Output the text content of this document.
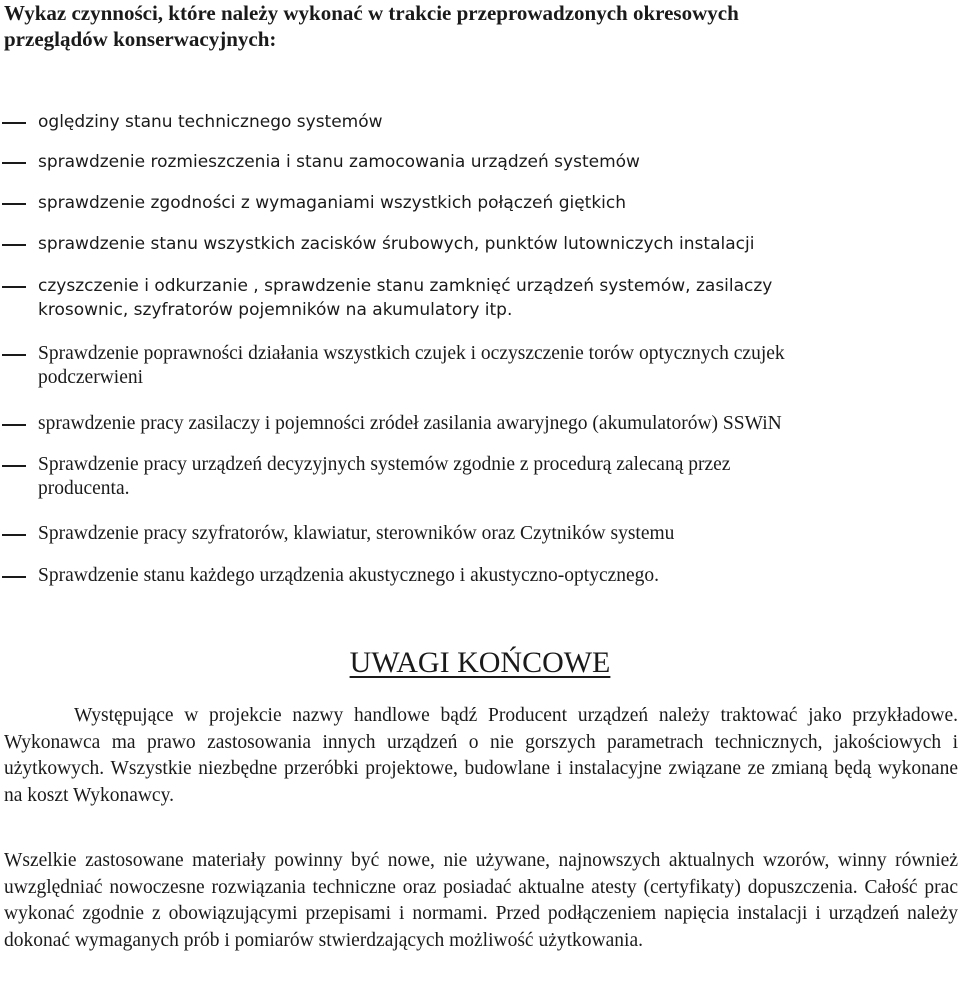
Wykaz czynności, które należy wykonać w trakcie przeprowadzonych okresowych
przeglądów konserwacyjnych:
oględziny stanu technicznego systemów
sprawdzenie rozmieszczenia i stanu zamocowania urządzeń systemów
sprawdzenie zgodności z wymaganiami wszystkich połączeń giętkich
sprawdzenie stanu wszystkich zacisków śrubowych, punktów lutowniczych instalacji
czyszczenie i odkurzanie , sprawdzenie stanu zamknięć urządzeń systemów, zasilaczy
krosownic, szyfratorów pojemników na akumulatory itp.
Sprawdzenie poprawności działania wszystkich czujek i oczyszczenie torów optycznych czujek
podczerwieni
sprawdzenie pracy zasilaczy i pojemności zródeł zasilania awaryjnego (akumulatorów) SSWiN
Sprawdzenie pracy urządzeń decyzyjnych systemów zgodnie z procedurą zalecaną przez
producenta.
Sprawdzenie pracy szyfratorów, klawiatur, sterowników oraz Czytników systemu
Sprawdzenie stanu każdego urządzenia akustycznego i akustyczno-optycznego.
UWAGI KOŃCOWE

Występujące w projekcie nazwy handlowe bądź Producent urządzeń należy traktować jako przykładowe. Wykonawca ma prawo zastosowania innych urządzeń o nie gorszych parametrach technicznych, jakościowych i użytkowych. Wszystkie niezbędne przeróbki projektowe, budowlane i instalacyjne związane ze zmianą będą wykonane na koszt Wykonawcy.

Wszelkie zastosowane materiały powinny być nowe, nie używane, najnowszych aktualnych wzorów, winny również uwzględniać nowoczesne rozwiązania techniczne oraz posiadać aktualne atesty (certyfikaty) dopuszczenia. Całość prac wykonać zgodnie z obowiązującymi przepisami i normami. Przed podłączeniem napięcia instalacji i urządzeń należy dokonać wymaganych prób i pomiarów stwierdzających możliwość użytkowania.
